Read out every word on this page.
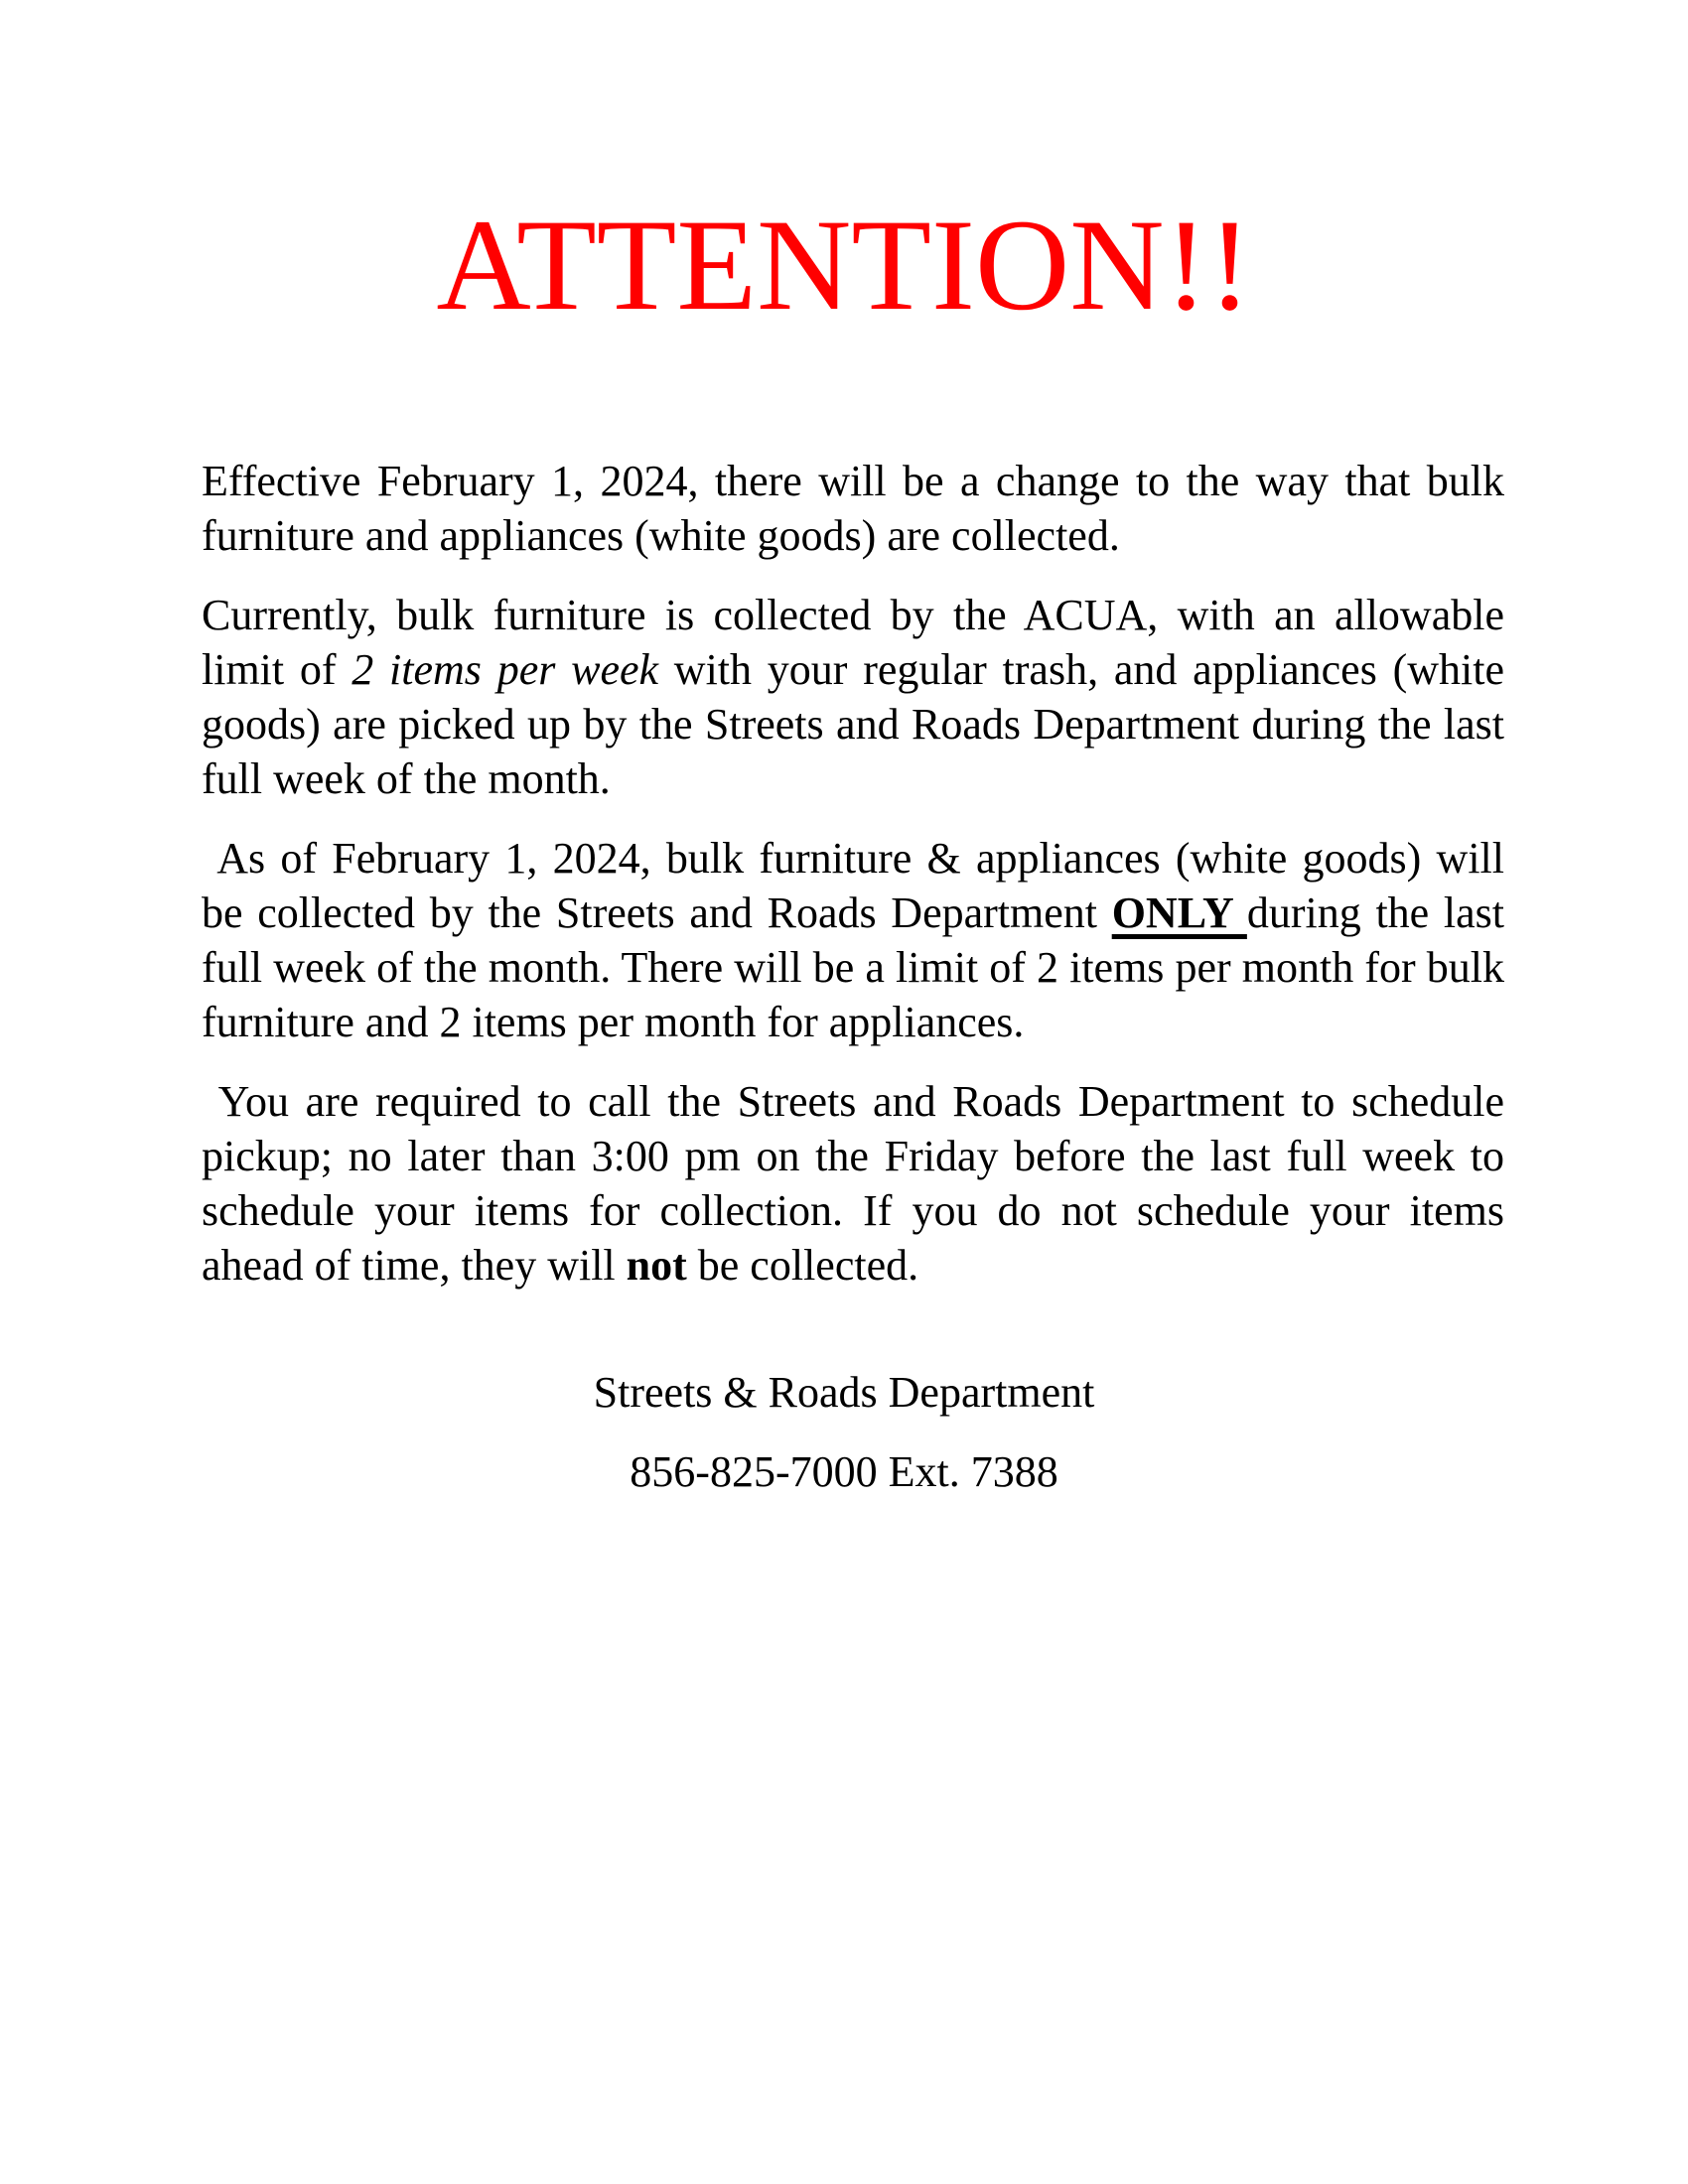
ATTENTION!!

Effective February 1, 2024, there will be a change to the way that bulk furniture and appliances (white goods) are collected.

Currently, bulk furniture is collected by the ACUA, with an allowable limit of 2 items per week with your regular trash, and appliances (white goods) are picked up by the Streets and Roads Department during the last full week of the month.

As of February 1, 2024, bulk furniture & appliances (white goods) will be collected by the Streets and Roads Department ONLY during the last full week of the month. There will be a limit of 2 items per month for bulk furniture and 2 items per month for appliances.

You are required to call the Streets and Roads Department to schedule pickup; no later than 3:00 pm on the Friday before the last full week to schedule your items for collection. If you do not schedule your items ahead of time, they will not be collected.

Streets & Roads Department

856-825-7000 Ext. 7388
